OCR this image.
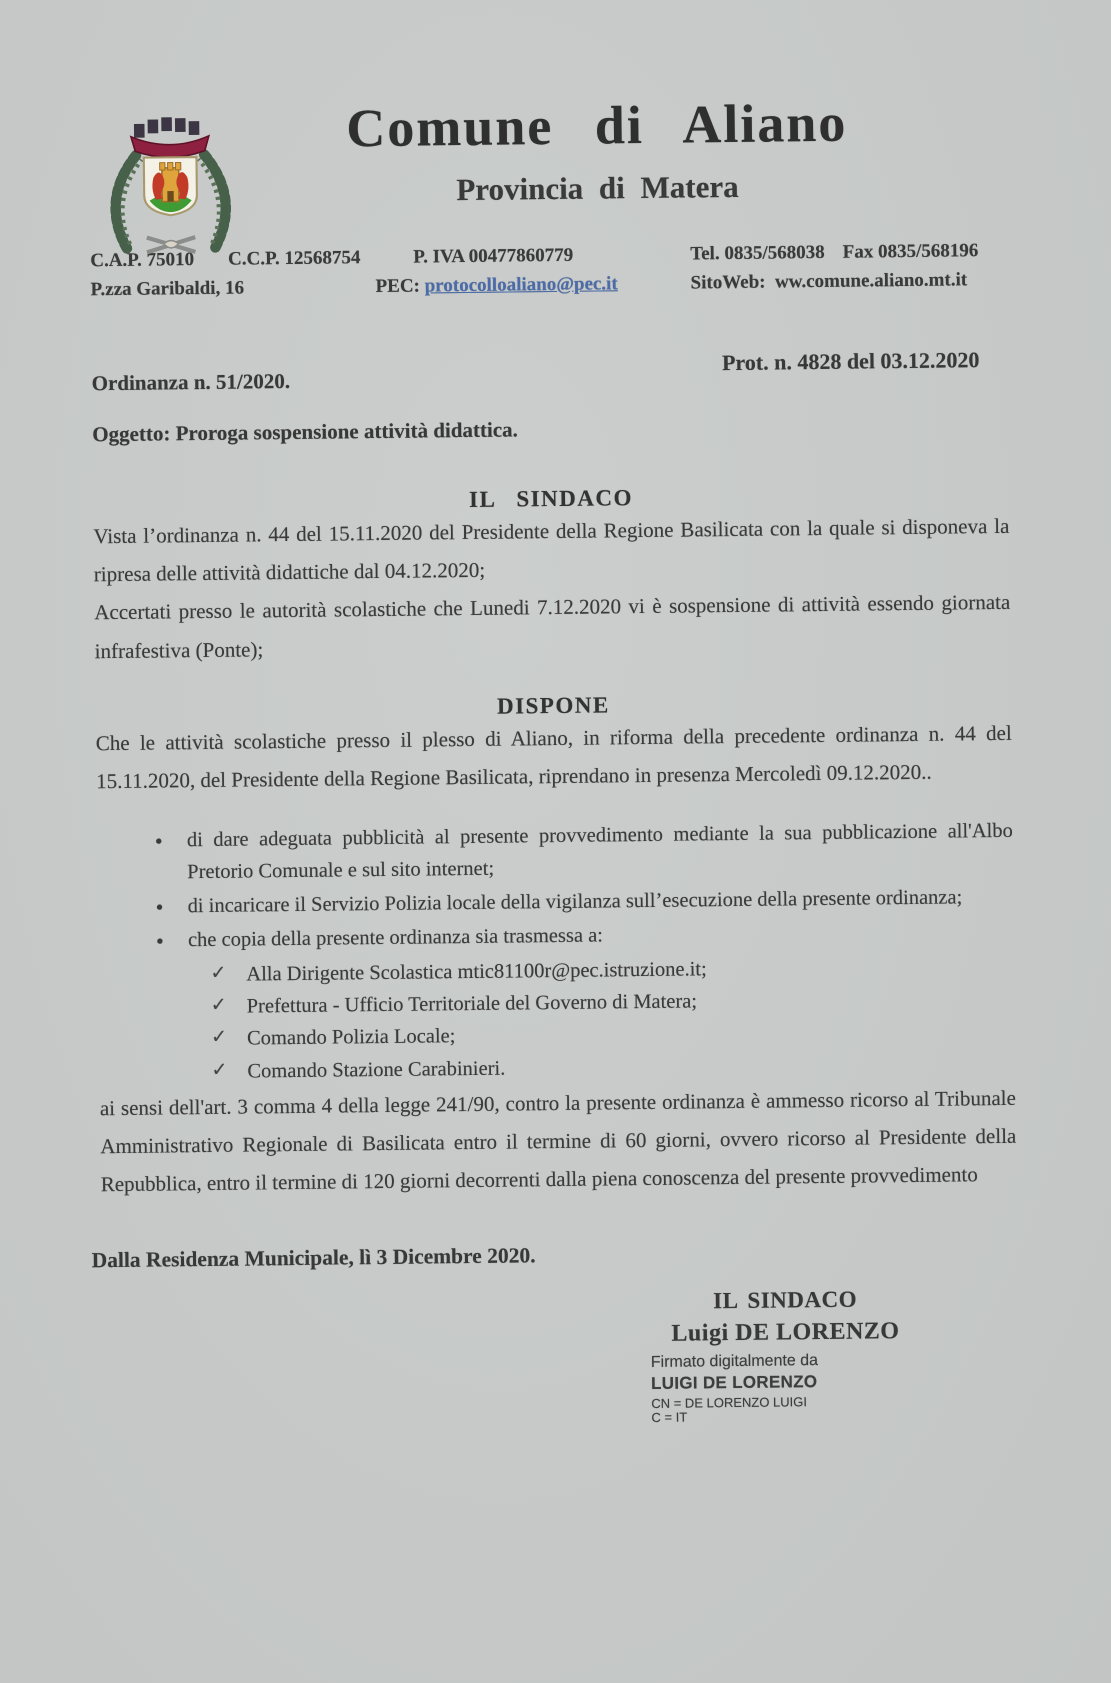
Comune di Aliano
Provincia di Matera
C.A.P. 75010 C.C.P. 12568754
P.zza Garibaldi, 16
P. IVA 00477860779
PEC: protocolloaliano@pec.it
Tel. 0835/568038 Fax 0835/568196
SitoWeb: ww.comune.aliano.mt.it
Ordinanza n. 51/2020.
Prot. n. 4828 del 03.12.2020
Oggetto: Proroga sospensione attività didattica.
IL SINDACO

Vista l’ordinanza n. 44 del 15.11.2020 del Presidente della Regione Basilicata con la quale si disponeva la ripresa delle attività didattiche dal 04.12.2020;

Accertati presso le autorità scolastiche che Lunedi 7.12.2020 vi è sospensione di attività essendo giornata infrafestiva (Ponte);

DISPONE

Che le attività scolastiche presso il plesso di Aliano, in riforma della precedente ordinanza n. 44 del 15.11.2020, del Presidente della Regione Basilicata, riprendano in presenza Mercoledì 09.12.2020..

•	di dare adeguata pubblicità al presente provvedimento mediante la sua pubblicazione all'Albo Pretorio Comunale e sul sito internet;
•	di incaricare il Servizio Polizia locale della vigilanza sull’esecuzione della presente ordinanza;
•	che copia della presente ordinanza sia trasmessa a:
✓ Alla Dirigente Scolastica mtic81100r@pec.istruzione.it;
✓ Prefettura - Ufficio Territoriale del Governo di Matera;
✓ Comando Polizia Locale;
✓ Comando Stazione Carabinieri.

ai sensi dell'art. 3 comma 4 della legge 241/90, contro la presente ordinanza è ammesso ricorso al Tribunale Amministrativo Regionale di Basilicata entro il termine di 60 giorni, ovvero ricorso al Presidente della Repubblica, entro il termine di 120 giorni decorrenti dalla piena conoscenza del presente provvedimento

Dalla Residenza Municipale, lì 3 Dicembre 2020.
IL SINDACO
Luigi DE LORENZO
Firmato digitalmente da
LUIGI DE LORENZO
CN = DE LORENZO LUIGI
C = IT
